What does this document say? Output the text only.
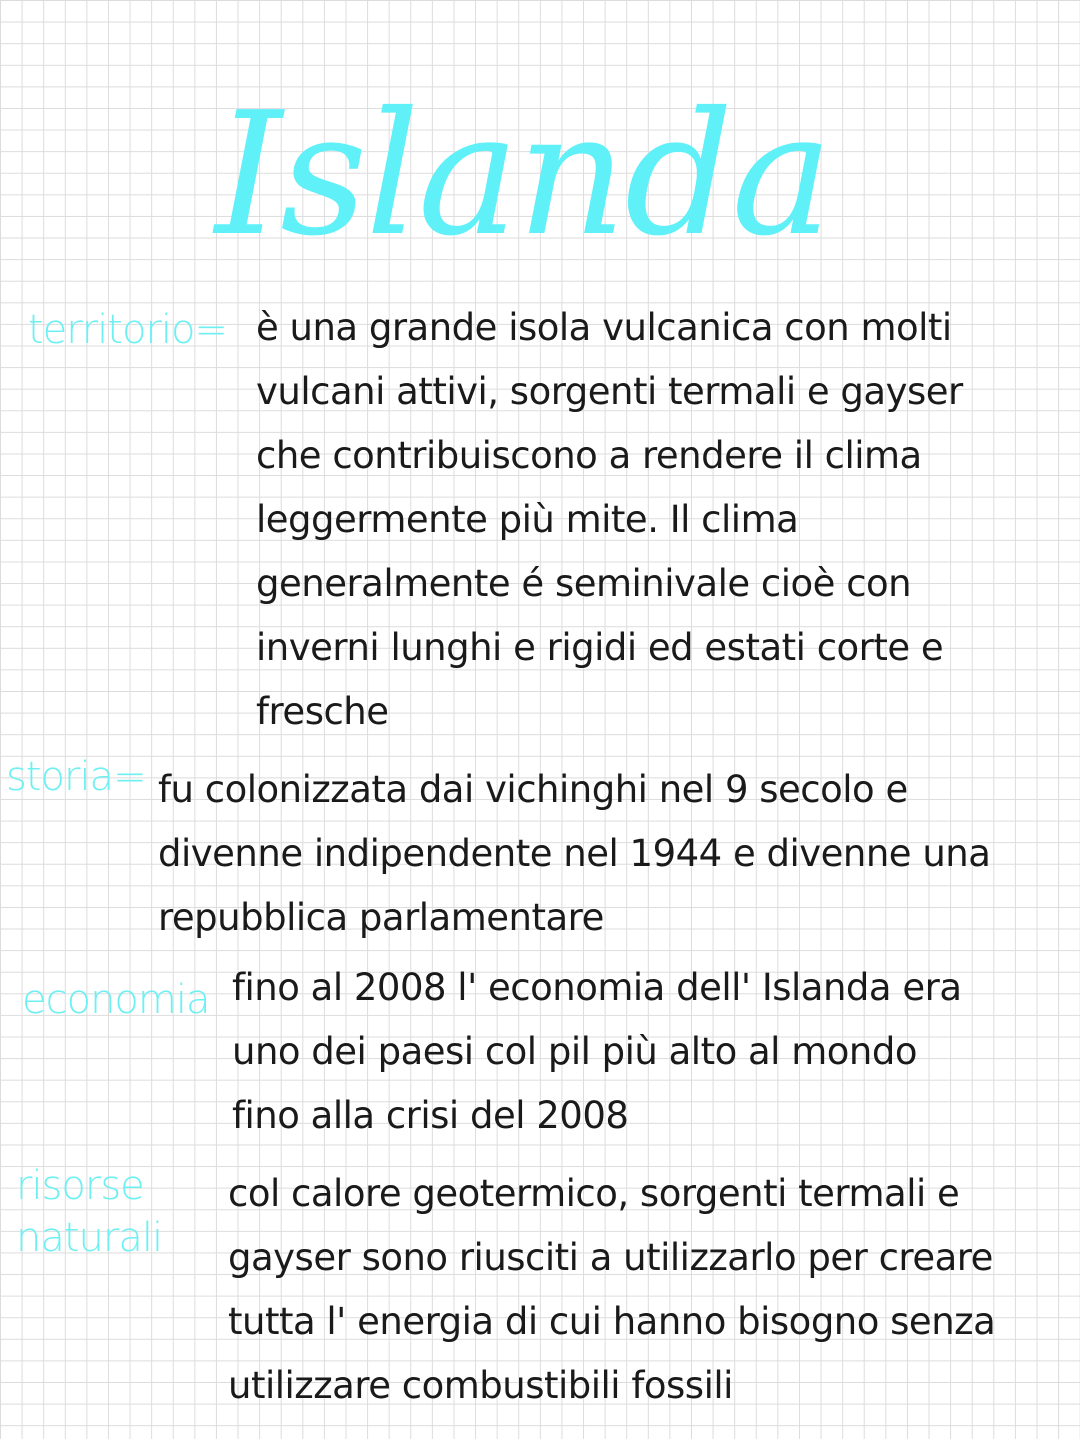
Islanda
territorio= è una grande isola vulcanica con molti
vulcani attivi, sorgenti termali e gayser
che contribuiscono a rendere il clima
leggermente più mite. Il clima
generalmente é seminivale cioè con
inverni lunghi e rigidi ed estati corte e
fresche
storia= fu colonizzata dai vichinghi nel 9 secolo e
divenne indipendente nel 1944 e divenne una
repubblica parlamentare
economia fino al 2008 l' economia dell' Islanda era
uno dei paesi col pil più alto al mondo
fino alla crisi del 2008
risorse
naturali
col calore geotermico, sorgenti termali e
gayser sono riusciti a utilizzarlo per creare
tutta l' energia di cui hanno bisogno senza
utilizzare combustibili fossili
